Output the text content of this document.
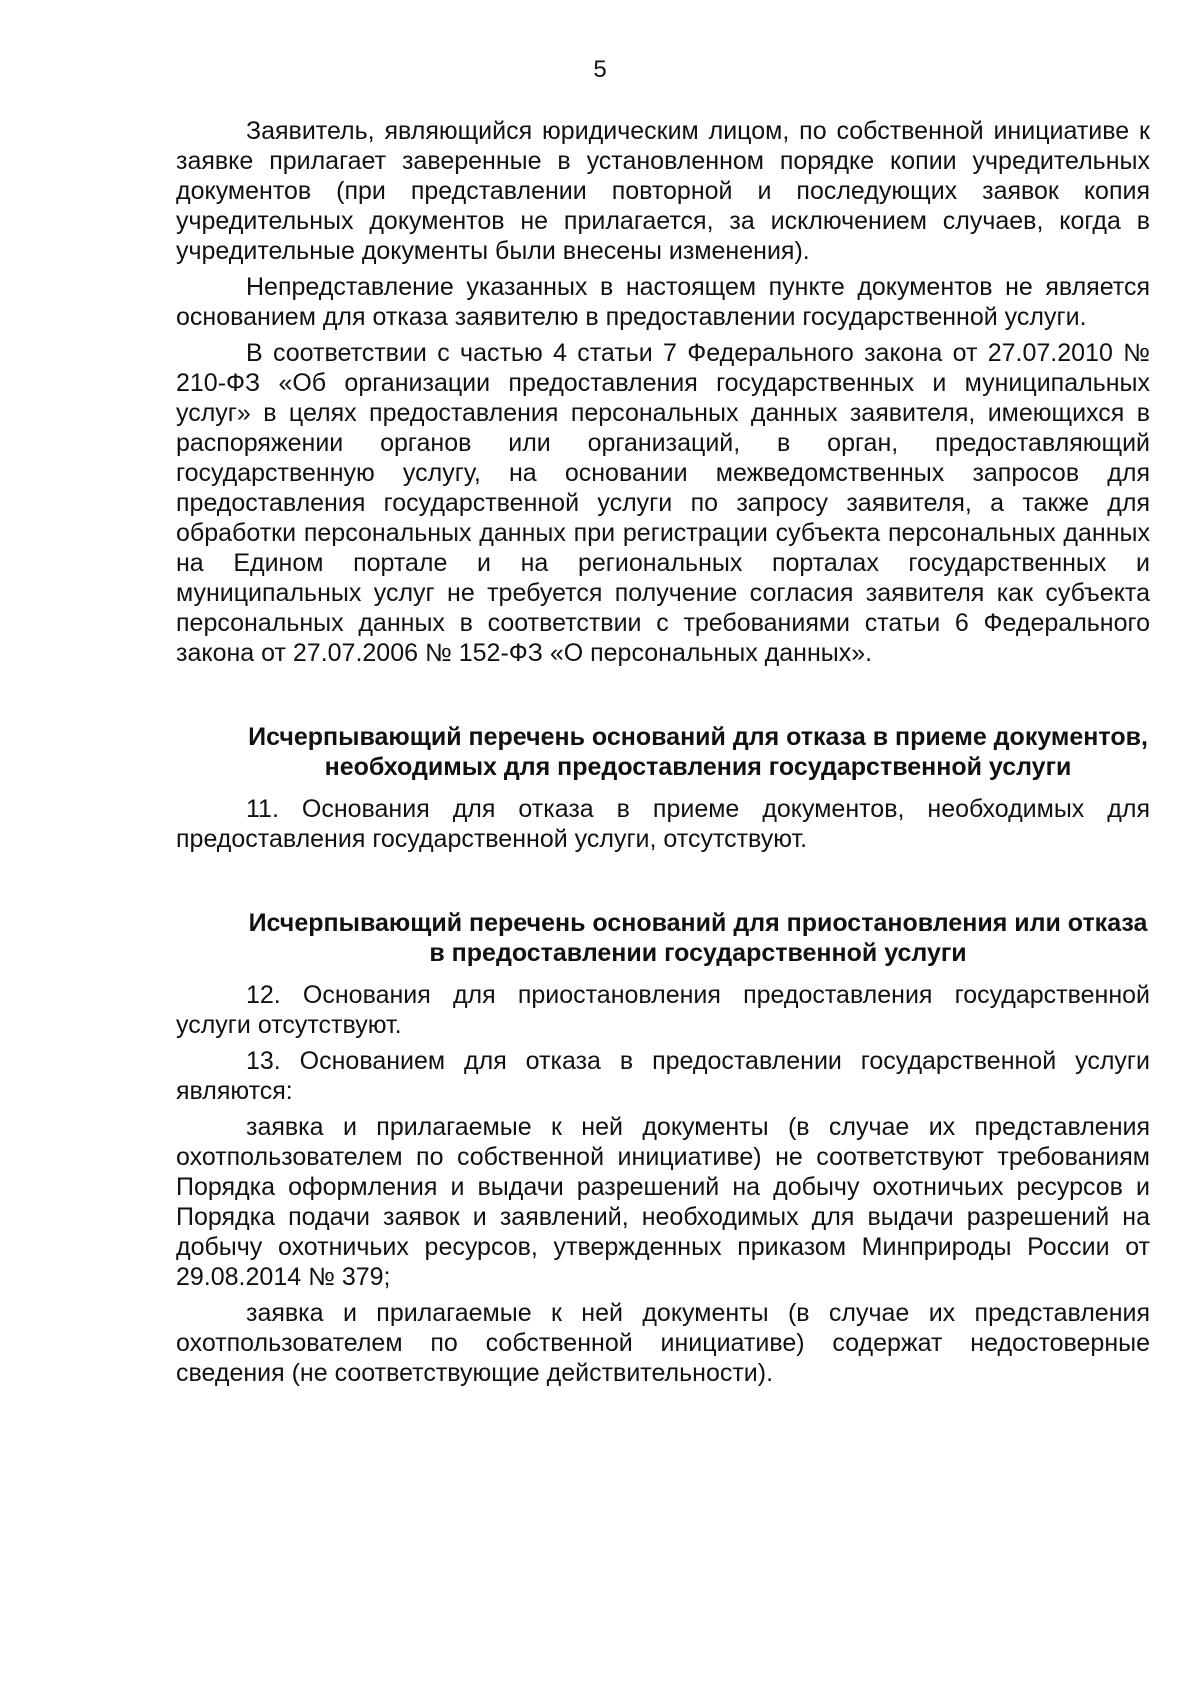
5

Заявитель, являющийся юридическим лицом, по собственной инициативе к заявке прилагает заверенные в установленном порядке копии учредительных документов (при представлении повторной и последующих заявок копия учредительных документов не прилагается, за исключением случаев, когда в учредительные документы были внесены изменения).

Непредставление указанных в настоящем пункте документов не является основанием для отказа заявителю в предоставлении государственной услуги.

В соответствии с частью 4 статьи 7 Федерального закона от 27.07.2010 № 210-ФЗ «Об организации предоставления государственных и муниципальных услуг» в целях предоставления персональных данных заявителя, имеющихся в распоряжении органов или организаций, в орган, предоставляющий государственную услугу, на основании межведомственных запросов для предоставления государственной услуги по запросу заявителя, а также для обработки персональных данных при регистрации субъекта персональных данных на Едином портале и на региональных порталах государственных и муниципальных услуг не требуется получение согласия заявителя как субъекта персональных данных в соответствии с требованиями статьи 6 Федерального закона от 27.07.2006 № 152-ФЗ «О персональных данных».

Исчерпывающий перечень оснований для отказа в приеме документов, необходимых для предоставления государственной услуги

11. Основания для отказа в приеме документов, необходимых для предоставления государственной услуги, отсутствуют.

Исчерпывающий перечень оснований для приостановления или отказа в предоставлении государственной услуги

12. Основания для приостановления предоставления государственной услуги отсутствуют.

13. Основанием для отказа в предоставлении государственной услуги являются:

заявка и прилагаемые к ней документы (в случае их представления охотпользователем по собственной инициативе) не соответствуют требованиям Порядка оформления и выдачи разрешений на добычу охотничьих ресурсов и Порядка подачи заявок и заявлений, необходимых для выдачи разрешений на добычу охотничьих ресурсов, утвержденных приказом Минприроды России от 29.08.2014 № 379;

заявка и прилагаемые к ней документы (в случае их представления охотпользователем по собственной инициативе) содержат недостоверные сведения (не соответствующие действительности).
